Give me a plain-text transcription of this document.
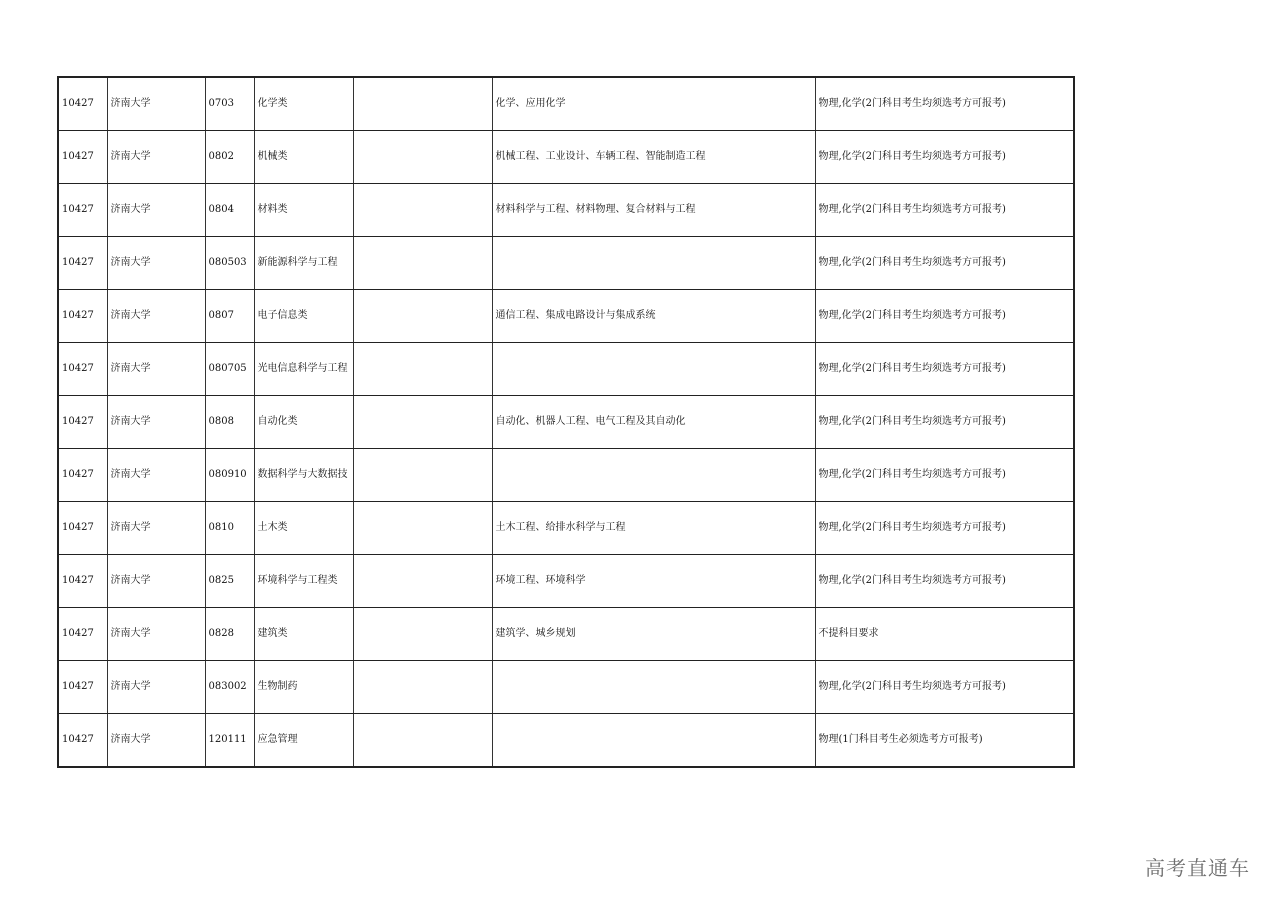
10427	济南大学	0703	化学类		化学、应用化学	物理,化学(2门科目考生均须选考方可报考)
10427	济南大学	0802	机械类		机械工程、工业设计、车辆工程、智能制造工程	物理,化学(2门科目考生均须选考方可报考)
10427	济南大学	0804	材料类		材料科学与工程、材料物理、复合材料与工程	物理,化学(2门科目考生均须选考方可报考)
10427	济南大学	080503	新能源科学与工程			物理,化学(2门科目考生均须选考方可报考)
10427	济南大学	0807	电子信息类		通信工程、集成电路设计与集成系统	物理,化学(2门科目考生均须选考方可报考)
10427	济南大学	080705	光电信息科学与工程			物理,化学(2门科目考生均须选考方可报考)
10427	济南大学	0808	自动化类		自动化、机器人工程、电气工程及其自动化	物理,化学(2门科目考生均须选考方可报考)
10427	济南大学	080910	数据科学与大数据技			物理,化学(2门科目考生均须选考方可报考)
10427	济南大学	0810	土木类		土木工程、给排水科学与工程	物理,化学(2门科目考生均须选考方可报考)
10427	济南大学	0825	环境科学与工程类		环境工程、环境科学	物理,化学(2门科目考生均须选考方可报考)
10427	济南大学	0828	建筑类		建筑学、城乡规划	不提科目要求
10427	济南大学	083002	生物制药			物理,化学(2门科目考生均须选考方可报考)
10427	济南大学	120111	应急管理			物理(1门科目考生必须选考方可报考)
高考直通车
